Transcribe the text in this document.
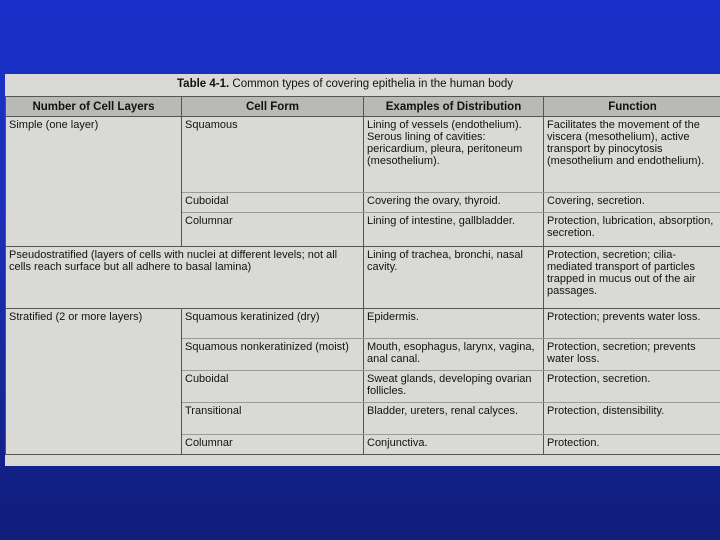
Table 4-1. Common types of covering epithelia in the human body
Number of Cell Layers	Cell Form	Examples of Distribution	Function
Simple (one layer)	Squamous	Lining of vessels (endothelium). Serous lining of cavities: pericardium, pleura, peritoneum (mesothelium).	Facilitates the movement of the viscera (mesothelium), active transport by pinocytosis (mesothelium and endothelium).
	Cuboidal	Covering the ovary, thyroid.	Covering, secretion.
	Columnar	Lining of intestine, gallbladder.	Protection, lubrication, absorption, secretion.
Pseudostratified (layers of cells with nuclei at different levels; not all cells reach surface but all adhere to basal lamina)		Lining of trachea, bronchi, nasal cavity.	Protection, secretion; cilia-mediated transport of particles trapped in mucus out of the air passages.
Stratified (2 or more layers)	Squamous keratinized (dry)	Epidermis.	Protection; prevents water loss.
	Squamous nonkeratinized (moist)	Mouth, esophagus, larynx, vagina, anal canal.	Protection, secretion; prevents water loss.
	Cuboidal	Sweat glands, developing ovarian follicles.	Protection, secretion.
	Transitional	Bladder, ureters, renal calyces.	Protection, distensibility.
	Columnar	Conjunctiva.	Protection.
